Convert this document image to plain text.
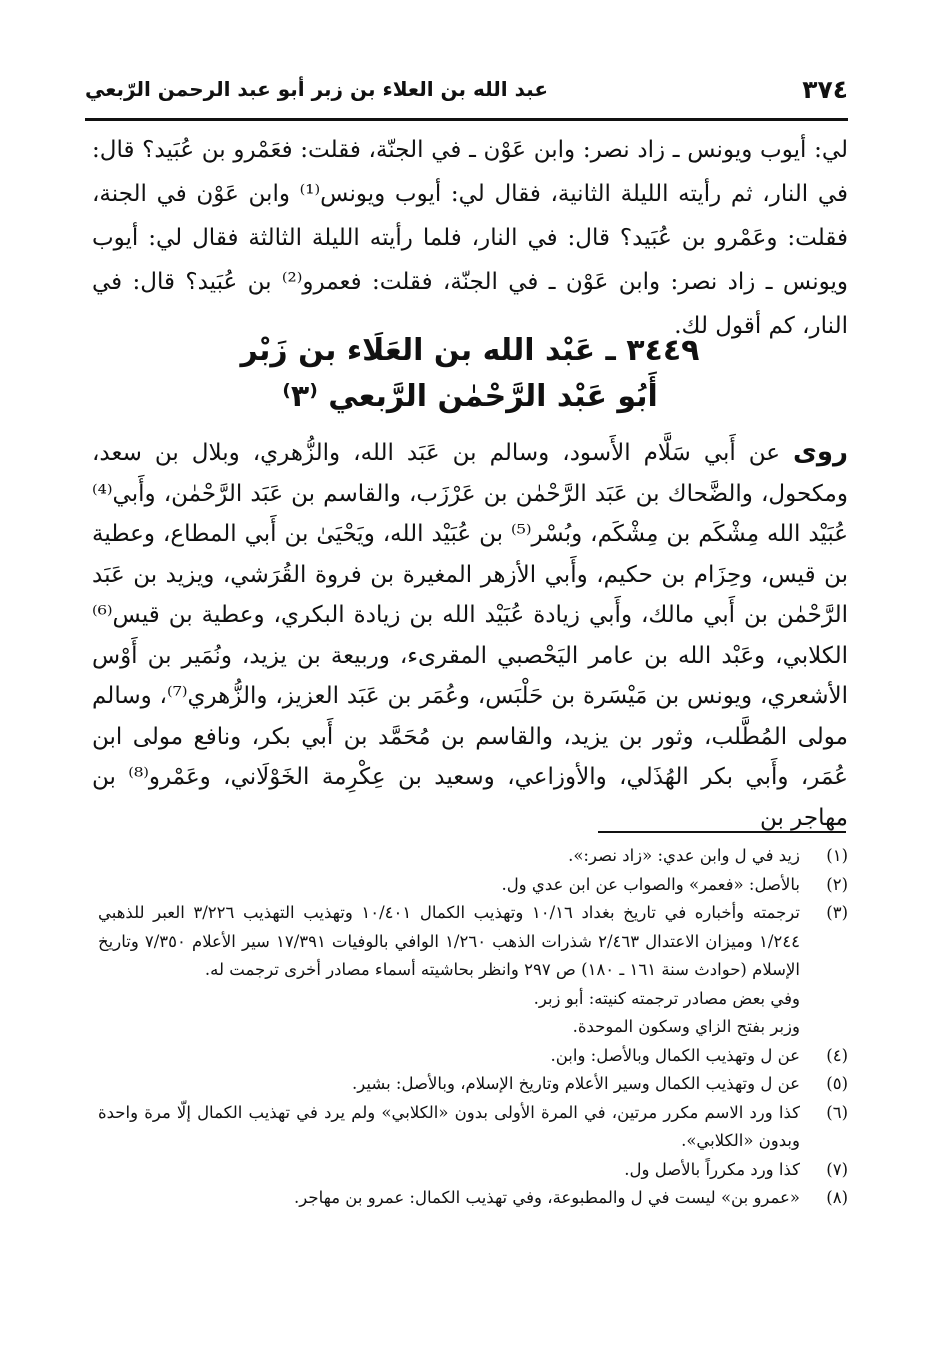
٣٧٤
عبد الله بن العلاء بن زبر أبو عبد الرحمن الرّبعي

لي: أيوب ويونس ـ زاد نصر: وابن عَوْن ـ في الجنّة، فقلت: فعَمْرو بن عُبَيد؟ قال: في النار، ثم رأيته الليلة الثانية، فقال لي: أيوب ويونس⁽¹⁾ وابن عَوْن في الجنة، فقلت: وعَمْرو بن عُبَيد؟ قال: في النار، فلما رأيته الليلة الثالثة فقال لي: أيوب ويونس ـ زاد نصر: وابن عَوْن ـ في الجنّة، فقلت: فعمرو⁽²⁾ بن عُبَيد؟ قال: في النار، كم أقول لك.

٣٤٤٩ ـ عَبْد الله بن العَلَاء بن زَبْر
أَبُو عَبْد الرَّحْمٰن الرَّبعي ⁽٣⁾

روى عن أَبي سَلَّام الأَسود، وسالم بن عَبَد الله، والزُّهري، وبلال بن سعد، ومكحول، والضَّحاك بن عَبَد الرَّحْمٰن بن عَرْزَب، والقاسم بن عَبَد الرَّحْمٰن، وأَبي⁽⁴⁾ عُبَيْد الله مِشْكَم بن مِشْكَم، وبُسْر⁽⁵⁾ بن عُبَيْد الله، ويَحْيَىٰ بن أَبي المطاع، وعطية بن قيس، وحِزَام بن حكيم، وأَبي الأزهر المغيرة بن فروة القُرَشي، ويزيد بن عَبَد الرَّحْمٰن بن أَبي مالك، وأَبي زيادة عُبَيْد الله بن زيادة البكري، وعطية بن قيس⁽⁶⁾ الكلابي، وعَبْد الله بن عامر اليَحْصبي المقرىء، وربيعة بن يزيد، ونُمَير بن أَوْس الأشعري، ويونس بن مَيْسَرة بن حَلْبَس، وعُمَر بن عَبَد العزيز، والزُّهري⁽⁷⁾، وسالم مولى المُطَّلب، وثور بن يزيد، والقاسم بن مُحَمَّد بن أَبي بكر، ونافع مولى ابن عُمَر، وأَبي بكر الهُذَلي، والأوزاعي، وسعيد بن عِكْرِمة الخَوْلَاني، وعَمْرو⁽⁸⁾ بن مهاجر بن

(١)
زيد في ل وابن عدي: «زاد نصر:».
(٢)
بالأصل: «فعمر» والصواب عن ابن عدي ول.
(٣)
ترجمته وأخباره في تاريخ بغداد ١٠/١٦ وتهذيب الكمال ١٠/٤٠١ وتهذيب التهذيب ٣/٢٢٦ العبر للذهبي ١/٢٤٤ وميزان الاعتدال ٢/٤٦٣ شذرات الذهب ١/٢٦٠ الوافي بالوفيات ١٧/٣٩١ سير الأعلام ٧/٣٥٠ وتاريخ الإسلام (حوادث سنة ١٦١ ـ ١٨٠) ص ٢٩٧ وانظر بحاشيته أسماء مصادر أخرى ترجمت له.
وفي بعض مصادر ترجمته كنيته: أبو زبر.
وزبر بفتح الزاي وسكون الموحدة.
(٤)
عن ل وتهذيب الكمال وبالأصل: وابن.
(٥)
عن ل وتهذيب الكمال وسير الأعلام وتاريخ الإسلام، وبالأصل: بشير.
(٦)
كذا ورد الاسم مكرر مرتين، في المرة الأولى بدون «الكلابي» ولم يرد في تهذيب الكمال إلّا مرة واحدة وبدون «الكلابي».
(٧)
كذا ورد مكرراً بالأصل ول.
(٨)
«عمرو بن» ليست في ل والمطبوعة، وفي تهذيب الكمال: عمرو بن مهاجر.
